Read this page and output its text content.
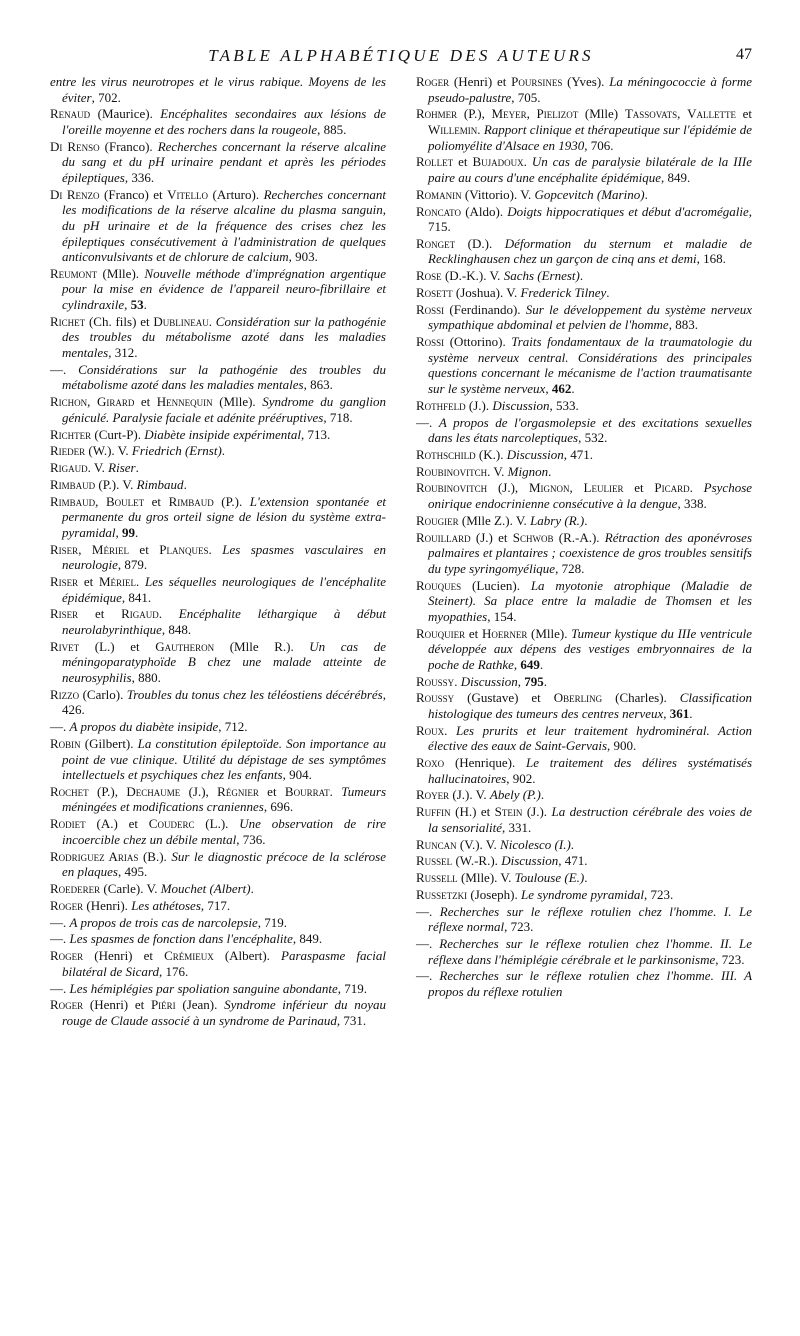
TABLE ALPHABÉTIQUE DES AUTEURS	47

entre les virus neurotropes et le virus rabique. Moyens de les éviter, 702.

Renaud (Maurice). Encéphalites secondaires aux lésions de l'oreille moyenne et des rochers dans la rougeole, 885.

Di Renso (Franco). Recherches concernant la réserve alcaline du sang et du pH urinaire pendant et après les périodes épileptiques, 336.

Di Renzo (Franco) et Vitello (Arturo). Recherches concernant les modifications de la réserve alcaline du plasma sanguin, du pH urinaire et de la fréquence des crises chez les épileptiques consécutivement à l'administration de quelques anticonvulsivants et de chlorure de calcium, 903.

Reumont (Mlle). Nouvelle méthode d'imprégnation argentique pour la mise en évidence de l'appareil neuro-fibrillaire et cylindraxile, 53.

Richet (Ch. fils) et Dublineau. Considération sur la pathogénie des troubles du métabolisme azoté dans les maladies mentales, 312.

—. Considérations sur la pathogénie des troubles du métabolisme azoté dans les maladies mentales, 863.

Richon, Girard et Hennequin (Mlle). Syndrome du ganglion géniculé. Paralysie faciale et adénite prééruptives, 718.

Richter (Curt-P). Diabète insipide expérimental, 713.

Rieder (W.). V. Friedrich (Ernst).

Rigaud. V. Riser.

Rimbaud (P.). V. Rimbaud.

Rimbaud, Boulet et Rimbaud (P.). L'extension spontanée et permanente du gros orteil signe de lésion du système extra-pyramidal, 99.

Riser, Mériel et Planques. Les spasmes vasculaires en neurologie, 879.

Riser et Mériel. Les séquelles neurologiques de l'encéphalite épidémique, 841.

Riser et Rigaud. Encéphalite léthargique à début neurolabyrinthique, 848.

Rivet (L.) et Gautheron (Mlle R.). Un cas de méningoparatyphoïde B chez une malade atteinte de neurosyphilis, 880.

Rizzo (Carlo). Troubles du tonus chez les téléostiens décérébrés, 426.

—. A propos du diabète insipide, 712.

Robin (Gilbert). La constitution épileptoïde. Son importance au point de vue clinique. Utilité du dépistage de ses symptômes intellectuels et psychiques chez les enfants, 904.

Rochet (P.), Dechaume (J.), Régnier et Bourrat. Tumeurs méningées et modifications craniennes, 696.

Rodiet (A.) et Couderc (L.). Une observation de rire incoercible chez un débile mental, 736.

Rodriguez Arias (B.). Sur le diagnostic précoce de la sclérose en plaques, 495.

Roederer (Carle). V. Mouchet (Albert).

Roger (Henri). Les athétoses, 717.

—. A propos de trois cas de narcolepsie, 719.

—. Les spasmes de fonction dans l'encéphalite, 849.

Roger (Henri) et Crémieux (Albert). Paraspasme facial bilatéral de Sicard, 176.

—. Les hémiplégies par spoliation sanguine abondante, 719.

Roger (Henri) et Piéri (Jean). Syndrome inférieur du noyau rouge de Claude associé à un syndrome de Parinaud, 731.

Roger (Henri) et Poursines (Yves). La méningococcie à forme pseudo-palustre, 705.

Rohmer (P.), Meyer, Pielizot (Mlle) Tassovats, Vallette et Willemin. Rapport clinique et thérapeutique sur l'épidémie de poliomyélite d'Alsace en 1930, 706.

Rollet et Bujadoux. Un cas de paralysie bilatérale de la IIIe paire au cours d'une encéphalite épidémique, 849.

Romanin (Vittorio). V. Gopcevitch (Marino).

Roncato (Aldo). Doigts hippocratiques et début d'acromégalie, 715.

Ronget (D.). Déformation du sternum et maladie de Recklinghausen chez un garçon de cinq ans et demi, 168.

Rose (D.-K.). V. Sachs (Ernest).

Rosett (Joshua). V. Frederick Tilney.

Rossi (Ferdinando). Sur le développement du système nerveux sympathique abdominal et pelvien de l'homme, 883.

Rossi (Ottorino). Traits fondamentaux de la traumatologie du système nerveux central. Considérations des principales questions concernant le mécanisme de l'action traumatisante sur le système nerveux, 462.

Rothfeld (J.). Discussion, 533.

—. A propos de l'orgasmolepsie et des excitations sexuelles dans les états narcoleptiques, 532.

Rothschild (K.). Discussion, 471.

Roubinovitch. V. Mignon.

Roubinovitch (J.), Mignon, Leulier et Picard. Psychose onirique endocrinienne consécutive à la dengue, 338.

Rougier (Mlle Z.). V. Labry (R.).

Rouillard (J.) et Schwob (R.-A.). Rétraction des aponévroses palmaires et plantaires ; coexistence de gros troubles sensitifs du type syringomyélique, 728.

Rouques (Lucien). La myotonie atrophique (Maladie de Steinert). Sa place entre la maladie de Thomsen et les myopathies, 154.

Rouquier et Hoerner (Mlle). Tumeur kystique du IIIe ventricule développée aux dépens des vestiges embryonnaires de la poche de Rathke, 649.

Roussy. Discussion, 795.

Roussy (Gustave) et Oberling (Charles). Classification histologique des tumeurs des centres nerveux, 361.

Roux. Les prurits et leur traitement hydrominéral. Action élective des eaux de Saint-Gervais, 900.

Roxo (Henrique). Le traitement des délires systématisés hallucinatoires, 902.

Royer (J.). V. Abely (P.).

Ruffin (H.) et Stein (J.). La destruction cérébrale des voies de la sensorialité, 331.

Runcan (V.). V. Nicolesco (I.).

Russel (W.-R.). Discussion, 471.

Russell (Mlle). V. Toulouse (E.).

Russetzki (Joseph). Le syndrome pyramidal, 723.

—. Recherches sur le réflexe rotulien chez l'homme. I. Le réflexe normal, 723.

—. Recherches sur le réflexe rotulien chez l'homme. II. Le réflexe dans l'hémiplégie cérébrale et le parkinsonisme, 723.

—. Recherches sur le réflexe rotulien chez l'homme. III. A propos du réflexe rotulien
